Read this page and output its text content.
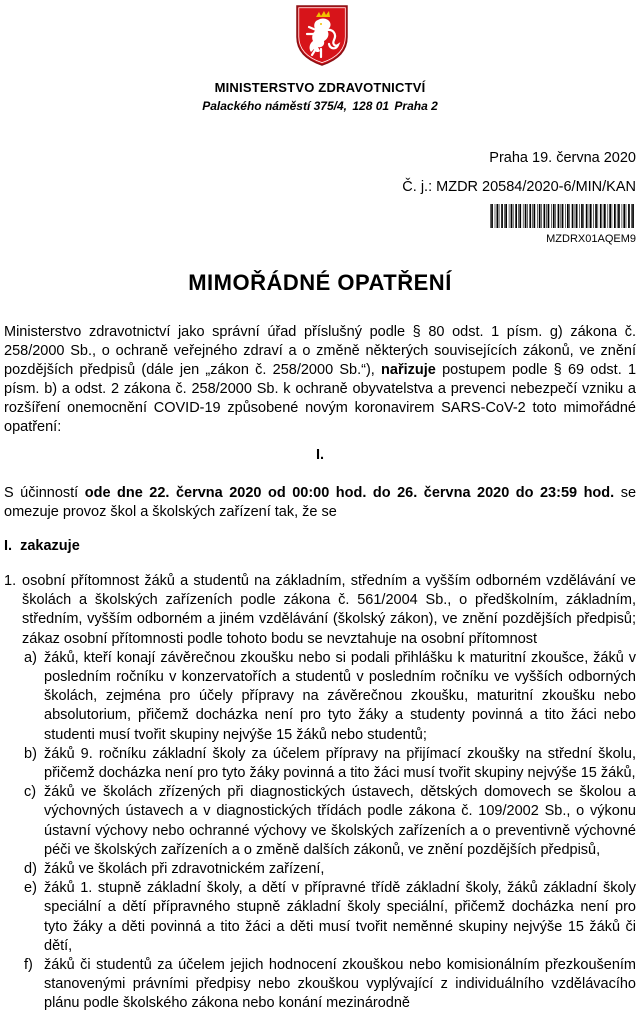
MINISTERSTVO ZDRAVOTNICTVÍ
Palackého náměstí 375/4, 128 01 Praha 2
Praha 19. června 2020
Č. j.: MZDR 20584/2020-6/MIN/KAN
MZDRX01AQEM9
MIMOŘÁDNÉ OPATŘENÍ

Ministerstvo zdravotnictví jako správní úřad příslušný podle § 80 odst. 1 písm. g) zákona č. 258/2000 Sb., o ochraně veřejného zdraví a o změně některých souvisejících zákonů, ve znění pozdějších předpisů (dále jen „zákon č. 258/2000 Sb.“), nařizuje postupem podle § 69 odst. 1 písm. b) a odst. 2 zákona č. 258/2000 Sb. k ochraně obyvatelstva a prevenci nebezpečí vzniku a rozšíření onemocnění COVID-19 způsobené novým koronavirem SARS-CoV-2 toto mimořádné opatření:

I.

S účinností ode dne 22. června 2020 od 00:00 hod. do 26. června 2020 do 23:59 hod. se omezuje provoz škol a školských zařízení tak, že se

I.  zakazuje
1. osobní přítomnost žáků a studentů na základním, středním a vyšším odborném vzdělávání ve školách a školských zařízeních podle zákona č. 561/2004 Sb., o předškolním, základním, středním, vyšším odborném a jiném vzdělávání (školský zákon), ve znění pozdějších předpisů; zákaz osobní přítomnosti podle tohoto bodu se nevztahuje na osobní přítomnost
a) žáků, kteří konají závěrečnou zkoušku nebo si podali přihlášku k maturitní zkoušce, žáků v posledním ročníku v konzervatořích a studentů v posledním ročníku ve vyšších odborných školách, zejména pro účely přípravy na závěrečnou zkoušku, maturitní zkoušku nebo absolutorium, přičemž docházka není pro tyto žáky a studenty povinná a tito žáci nebo studenti musí tvořit skupiny nejvýše 15 žáků nebo studentů;
b) žáků 9. ročníku základní školy za účelem přípravy na přijímací zkoušky na střední školu, přičemž docházka není pro tyto žáky povinná a tito žáci musí tvořit skupiny nejvýše 15 žáků,
c) žáků ve školách zřízených při diagnostických ústavech, dětských domovech se školou a výchovných ústavech a v diagnostických třídách podle zákona č. 109/2002 Sb., o výkonu ústavní výchovy nebo ochranné výchovy ve školských zařízeních a o preventivně výchovné péči ve školských zařízeních a o změně dalších zákonů, ve znění pozdějších předpisů,
d) žáků ve školách při zdravotnickém zařízení,
e) žáků 1. stupně základní školy, a dětí v přípravné třídě základní školy, žáků základní školy speciální a dětí přípravného stupně základní školy speciální, přičemž docházka není pro tyto žáky a děti povinná a tito žáci a děti musí tvořit neměnné skupiny nejvýše 15 žáků či dětí,
f) žáků či studentů za účelem jejich hodnocení zkouškou nebo komisionálním přezkoušením stanovenými právními předpisy nebo zkouškou vyplývající z individuálního vzdělávacího plánu podle školského zákona nebo konání mezinárodně
